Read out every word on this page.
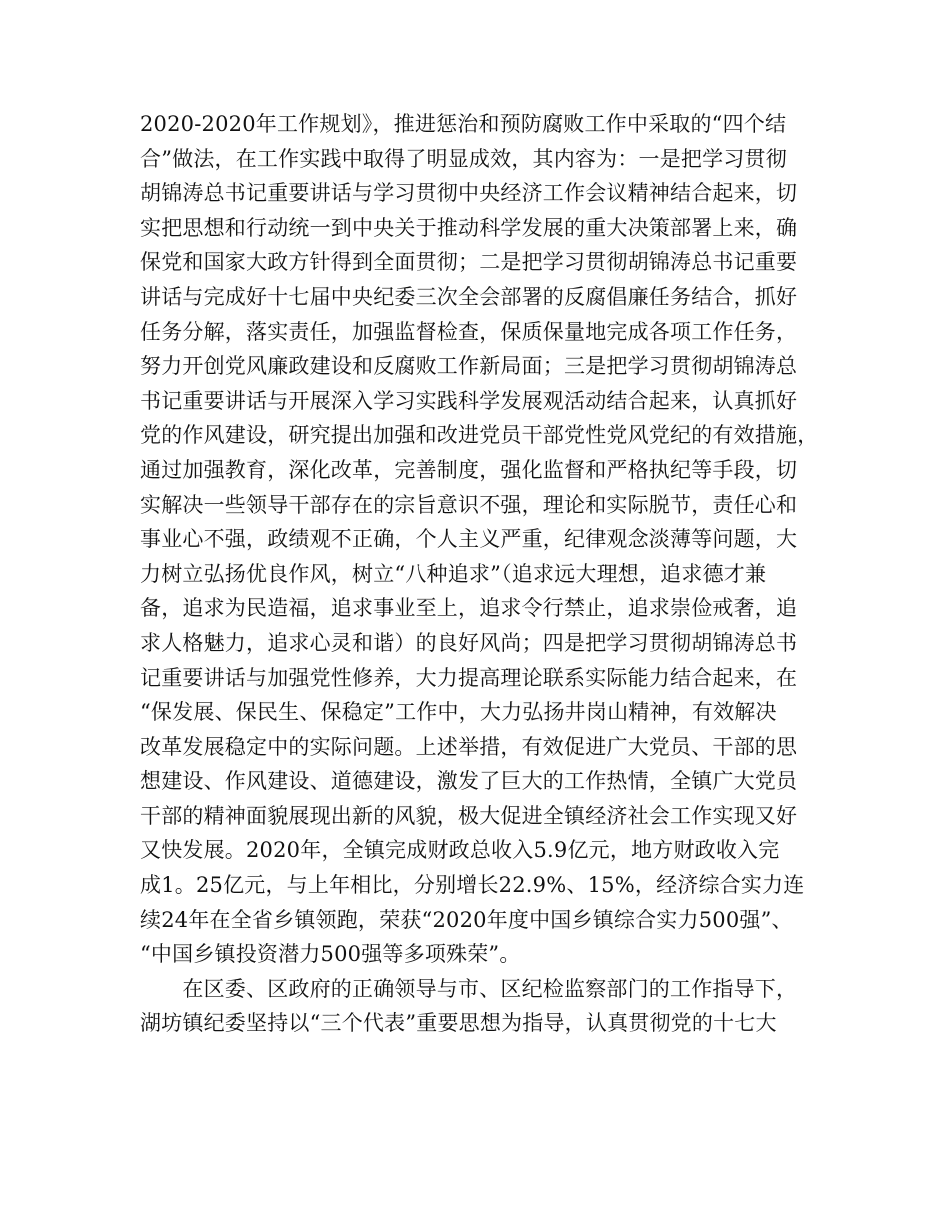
2020-2020年工作规划》，推进惩治和预防腐败工作中采取的“四个结
合”做法，在工作实践中取得了明显成效，其内容为：一是把学习贯彻
胡锦涛总书记重要讲话与学习贯彻中央经济工作会议精神结合起来，切
实把思想和行动统一到中央关于推动科学发展的重大决策部署上来，确
保党和国家大政方针得到全面贯彻；二是把学习贯彻胡锦涛总书记重要
讲话与完成好十七届中央纪委三次全会部署的反腐倡廉任务结合，抓好
任务分解，落实责任，加强监督检查，保质保量地完成各项工作任务，
努力开创党风廉政建设和反腐败工作新局面；三是把学习贯彻胡锦涛总
书记重要讲话与开展深入学习实践科学发展观活动结合起来，认真抓好
党的作风建设，研究提出加强和改进党员干部党性党风党纪的有效措施，
通过加强教育，深化改革，完善制度，强化监督和严格执纪等手段，切
实解决一些领导干部存在的宗旨意识不强，理论和实际脱节，责任心和
事业心不强，政绩观不正确，个人主义严重，纪律观念淡薄等问题，大
力树立弘扬优良作风，树立“八种追求”（追求远大理想，追求德才兼
备，追求为民造福，追求事业至上，追求令行禁止，追求崇俭戒奢，追
求人格魅力，追求心灵和谐）的良好风尚；四是把学习贯彻胡锦涛总书
记重要讲话与加强党性修养，大力提高理论联系实际能力结合起来，在
“保发展、保民生、保稳定”工作中，大力弘扬井岗山精神，有效解决
改革发展稳定中的实际问题。上述举措，有效促进广大党员、干部的思
想建设、作风建设、道德建设，激发了巨大的工作热情，全镇广大党员
干部的精神面貌展现出新的风貌，极大促进全镇经济社会工作实现又好
又快发展。2020年，全镇完成财政总收入5.9亿元，地方财政收入完
成1。25亿元，与上年相比，分别增长22.9%、15%，经济综合实力连
续24年在全省乡镇领跑，荣获“2020年度中国乡镇综合实力500强”、
“中国乡镇投资潜力500强等多项殊荣”。
　　在区委、区政府的正确领导与市、区纪检监察部门的工作指导下，
湖坊镇纪委坚持以“三个代表”重要思想为指导，认真贯彻党的十七大
